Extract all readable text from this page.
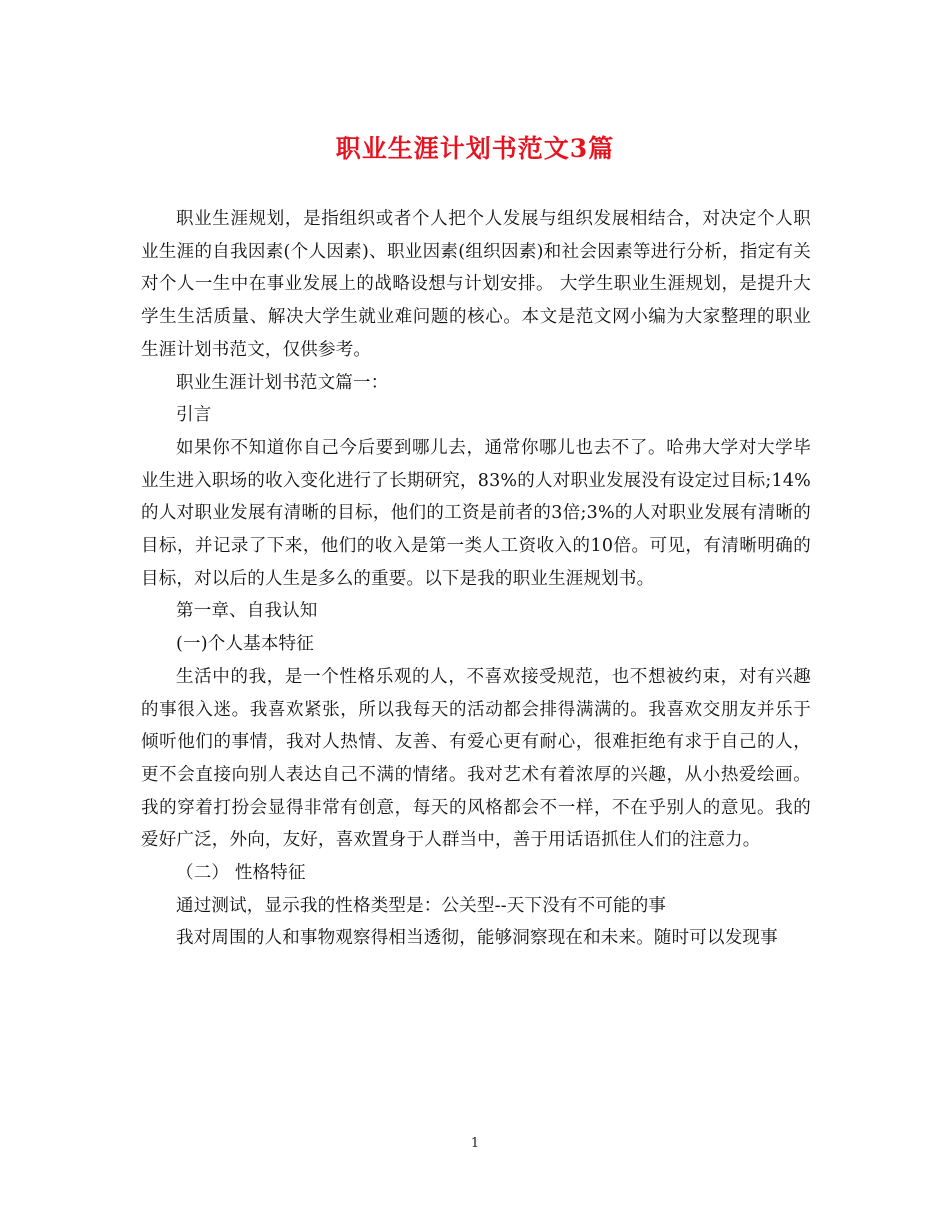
职业生涯计划书范文3篇

职业生涯规划，是指组织或者个人把个人发展与组织发展相结合，对决定个人职业生涯的自我因素(个人因素)、职业因素(组织因素)和社会因素等进行分析，指定有关对个人一生中在事业发展上的战略设想与计划安排。 大学生职业生涯规划，是提升大学生生活质量、解决大学生就业难问题的核心。本文是范文网小编为大家整理的职业生涯计划书范文，仅供参考。

职业生涯计划书范文篇一：

引言

如果你不知道你自己今后要到哪儿去，通常你哪儿也去不了。哈弗大学对大学毕业生进入职场的收入变化进行了长期研究，83%的人对职业发展没有设定过目标;14%的人对职业发展有清晰的目标，他们的工资是前者的3倍;3%的人对职业发展有清晰的目标，并记录了下来，他们的收入是第一类人工资收入的10倍。可见，有清晰明确的目标，对以后的人生是多么的重要。以下是我的职业生涯规划书。

第一章、自我认知

(一)个人基本特征

生活中的我，是一个性格乐观的人，不喜欢接受规范，也不想被约束，对有兴趣的事很入迷。我喜欢紧张，所以我每天的活动都会排得满满的。我喜欢交朋友并乐于倾听他们的事情，我对人热情、友善、有爱心更有耐心，很难拒绝有求于自己的人，更不会直接向别人表达自己不满的情绪。我对艺术有着浓厚的兴趣，从小热爱绘画。我的穿着打扮会显得非常有创意，每天的风格都会不一样，不在乎别人的意见。我的爱好广泛，外向，友好，喜欢置身于人群当中，善于用话语抓住人们的注意力。

（二） 性格特征

通过测试，显示我的性格类型是：公关型--天下没有不可能的事

我对周围的人和事物观察得相当透彻，能够洞察现在和未来。随时可以发现事

1
